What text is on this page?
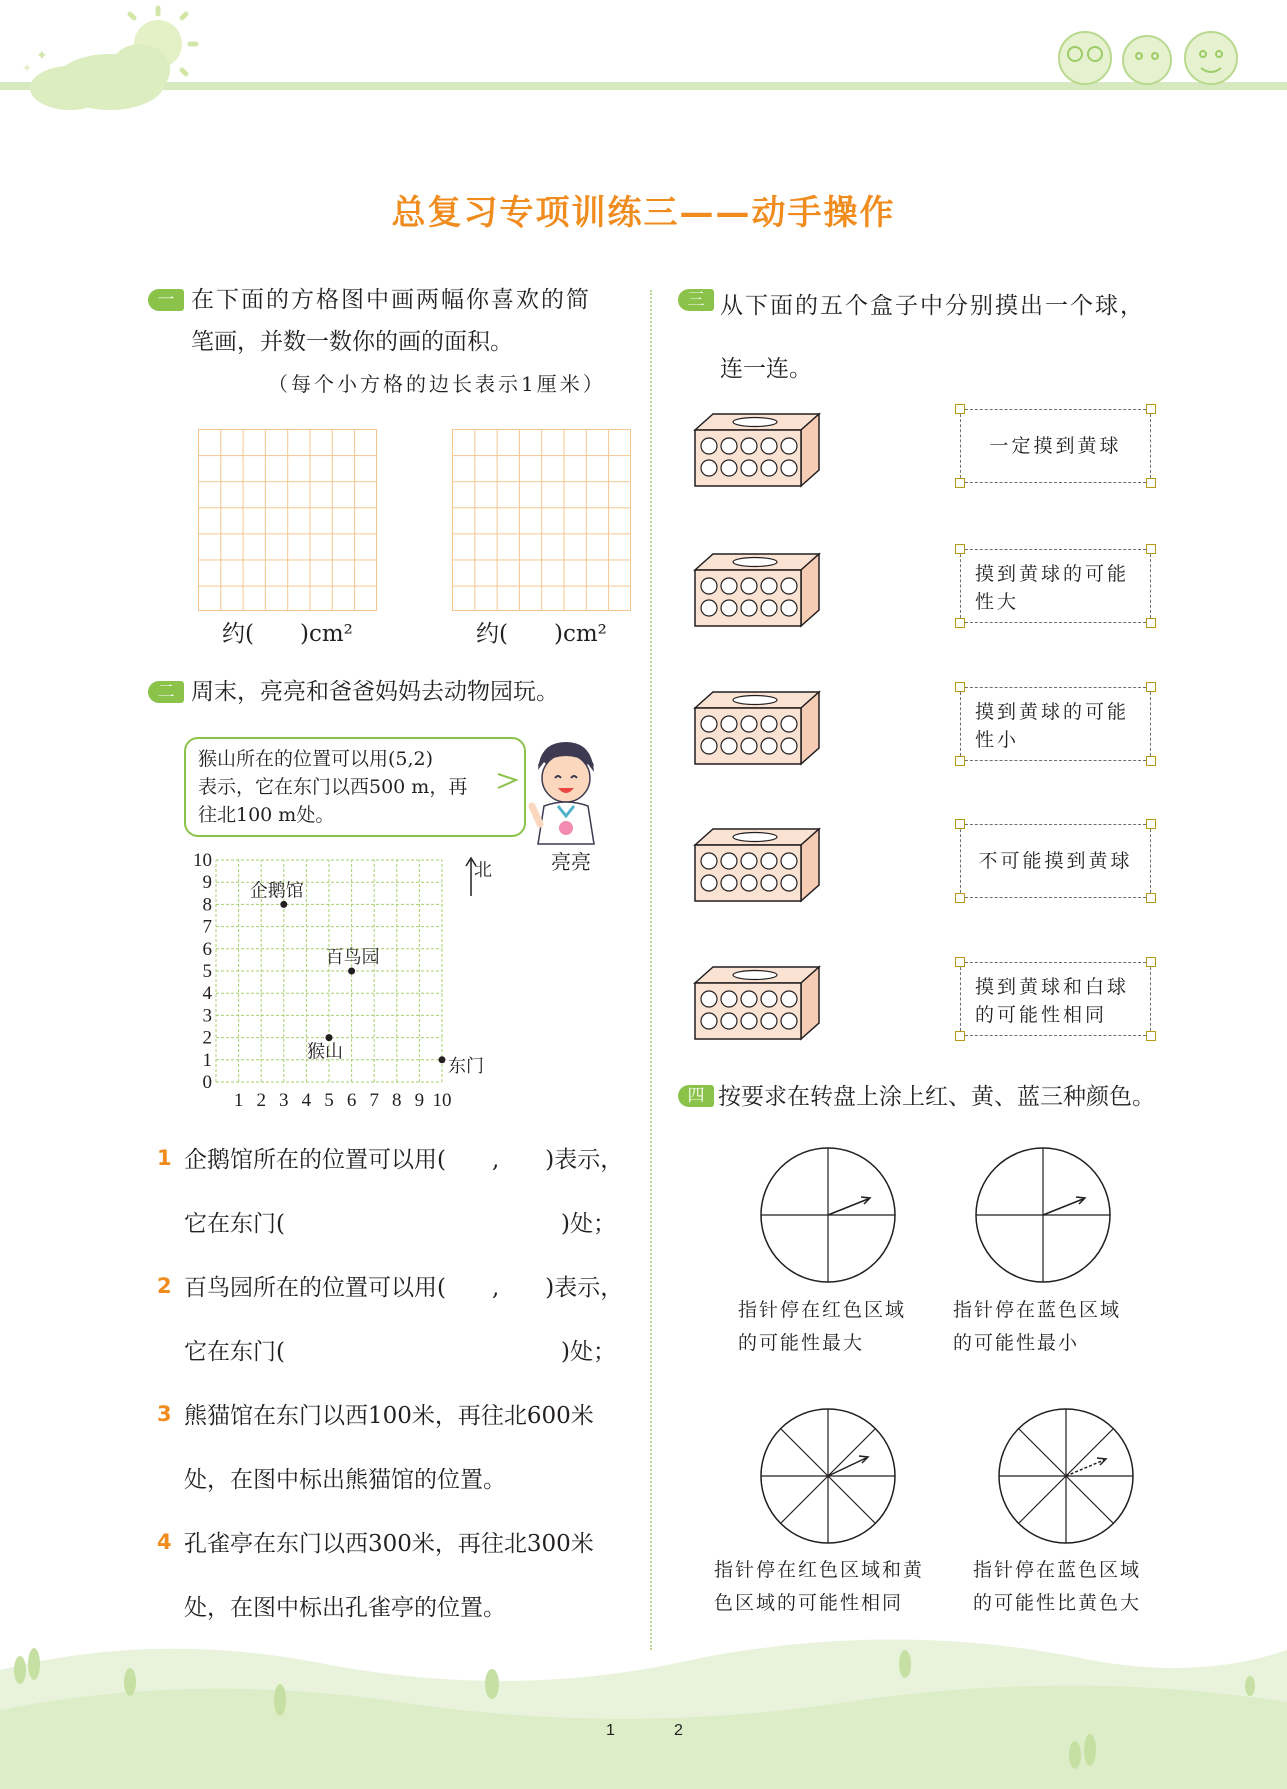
✦
✦
总复习专项训练三——动手操作
一 在下面的方格图中画两幅你喜欢的简
笔画，并数一数你的画的面积。
（每个小方格的边长表示1厘米）
约(　　)cm²	约(　　)cm²
二 周末，亮亮和爸爸妈妈去动物园玩。
猴山所在的位置可以用(5,2)
表示，它在东门以西500 m，再
往北100 m处。
亮亮
0
1
2
3
4
5
6
7
8
9
10
1 2 3 4 5 6 7 8 9 10
企鹅馆
百鸟园
猴山
东门
北
1 企鹅馆所在的位置可以用(　　,　　)表示，
它在东门(　　　　　　　　　　　　)处；
2 百鸟园所在的位置可以用(　　,　　)表示，
它在东门(　　　　　　　　　　　　)处；
3 熊猫馆在东门以西100米，再往北600米
处，在图中标出熊猫馆的位置。
4 孔雀亭在东门以西300米，再往北300米
处，在图中标出孔雀亭的位置。
三 从下面的五个盒子中分别摸出一个球，
连一连。
一定摸到黄球
摸到黄球的可能
性大
摸到黄球的可能
性小
不可能摸到黄球
摸到黄球和白球
的可能性相同
四 按要求在转盘上涂上红、黄、蓝三种颜色。
指针停在红色区域
的可能性最大
指针停在蓝色区域
的可能性最小
指针停在红色区域和黄
色区域的可能性相同
指针停在蓝色区域
的可能性比黄色大
1	2
